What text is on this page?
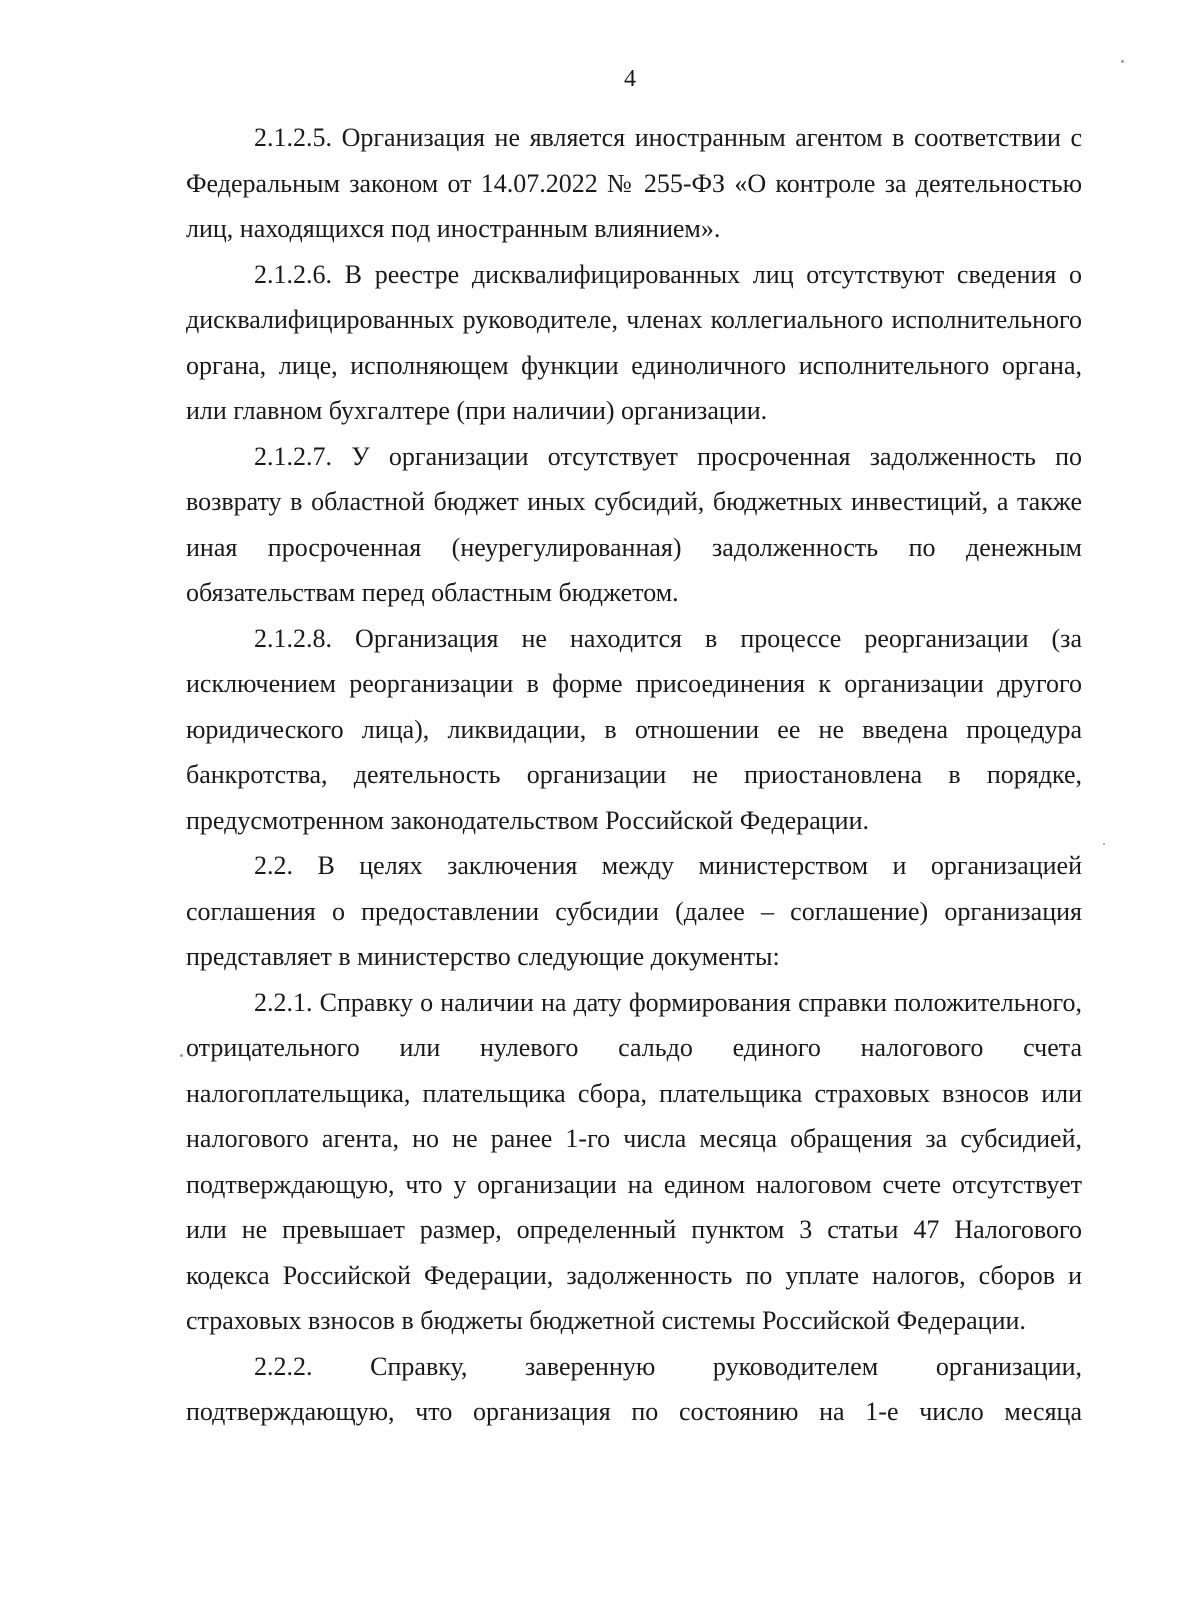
4

2.1.2.5. Организация не является иностранным агентом в соответствии с Федеральным законом от 14.07.2022 № 255-ФЗ «О контроле за деятельностью лиц, находящихся под иностранным влиянием».

2.1.2.6. В реестре дисквалифицированных лиц отсутствуют сведения о дисквалифицированных руководителе, членах коллегиального исполнительного органа, лице, исполняющем функции единоличного исполнительного органа, или главном бухгалтере (при наличии) организации.

2.1.2.7. У организации отсутствует просроченная задолженность по возврату в областной бюджет иных субсидий, бюджетных инвестиций, а также иная просроченная (неурегулированная) задолженность по денежным обязательствам перед областным бюджетом.

2.1.2.8. Организация не находится в процессе реорганизации (за исключением реорганизации в форме присоединения к организации другого юридического лица), ликвидации, в отношении ее не введена процедура банкротства, деятельность организации не приостановлена в порядке, предусмотренном законодательством Российской Федерации.

2.2. В целях заключения между министерством и организацией соглашения о предоставлении субсидии (далее – соглашение) организация представляет в министерство следующие документы:

2.2.1. Справку о наличии на дату формирования справки положительного, отрицательного или нулевого сальдо единого налогового счета налогоплательщика, плательщика сбора, плательщика страховых взносов или налогового агента, но не ранее 1-го числа месяца обращения за субсидией, подтверждающую, что у организации на едином налоговом счете отсутствует или не превышает размер, определенный пунктом 3 статьи 47 Налогового кодекса Российской Федерации, задолженность по уплате налогов, сборов и страховых взносов в бюджеты бюджетной системы Российской Федерации.

2.2.2. Справку, заверенную руководителем организации, подтверждающую, что организация по состоянию на 1-е число месяца
